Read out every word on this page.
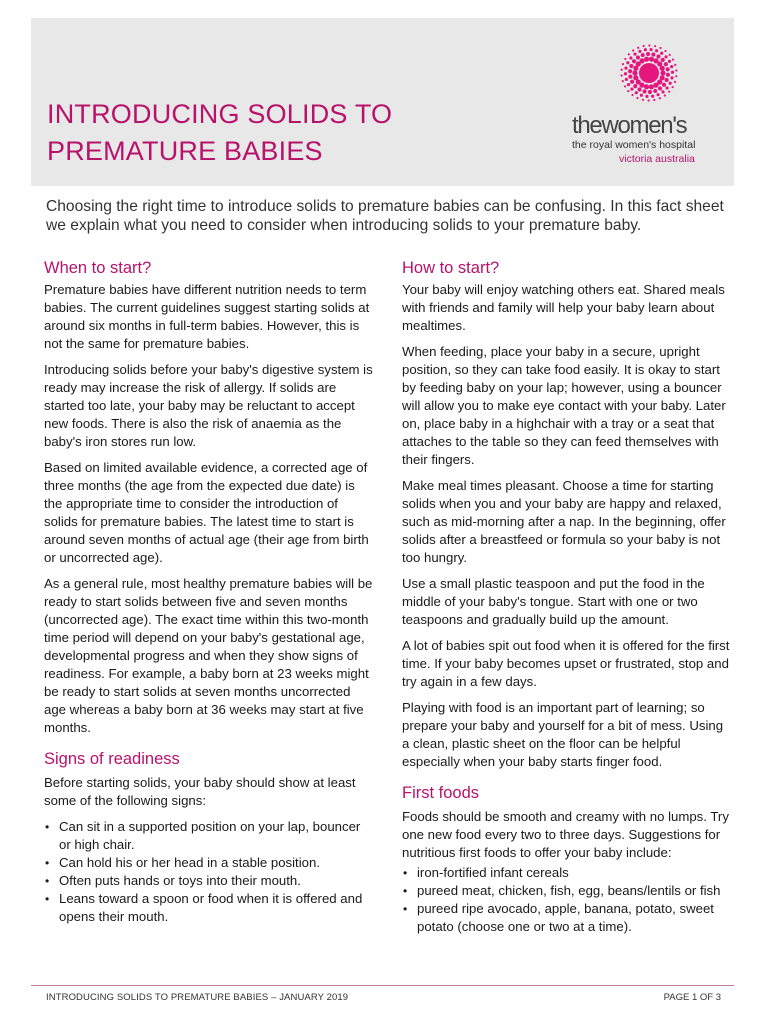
INTRODUCING SOLIDS TO
PREMATURE BABIES
thewomen's
the royal women's hospital
victoria australia
Choosing the right time to introduce solids to premature babies can be confusing. In this fact sheet we explain what you need to consider when introducing solids to your premature baby.
When to start?

Premature babies have different nutrition needs to term babies. The current guidelines suggest starting solids at around six months in full-term babies. However, this is not the same for premature babies.

Introducing solids before your baby's digestive system is ready may increase the risk of allergy. If solids are started too late, your baby may be reluctant to accept new foods. There is also the risk of anaemia as the baby's iron stores run low.

Based on limited available evidence, a corrected age of three months (the age from the expected due date) is the appropriate time to consider the introduction of solids for premature babies. The latest time to start is around seven months of actual age (their age from birth or uncorrected age).

As a general rule, most healthy premature babies will be ready to start solids between five and seven months (uncorrected age). The exact time within this two-month time period will depend on your baby's gestational age, developmental progress and when they show signs of readiness. For example, a baby born at 23 weeks might be ready to start solids at seven months uncorrected age whereas a baby born at 36 weeks may start at five months.

Signs of readiness

Before starting solids, your baby should show at least some of the following signs:

• Can sit in a supported position on your lap, bouncer or high chair.
• Can hold his or her head in a stable position.
• Often puts hands or toys into their mouth.
• Leans toward a spoon or food when it is offered and opens their mouth.
How to start?

Your baby will enjoy watching others eat. Shared meals with friends and family will help your baby learn about mealtimes.

When feeding, place your baby in a secure, upright position, so they can take food easily. It is okay to start by feeding baby on your lap; however, using a bouncer will allow you to make eye contact with your baby. Later on, place baby in a highchair with a tray or a seat that attaches to the table so they can feed themselves with their fingers.

Make meal times pleasant. Choose a time for starting solids when you and your baby are happy and relaxed, such as mid-morning after a nap. In the beginning, offer solids after a breastfeed or formula so your baby is not too hungry.

Use a small plastic teaspoon and put the food in the middle of your baby's tongue. Start with one or two teaspoons and gradually build up the amount.

A lot of babies spit out food when it is offered for the first time. If your baby becomes upset or frustrated, stop and try again in a few days.

Playing with food is an important part of learning; so prepare your baby and yourself for a bit of mess. Using a clean, plastic sheet on the floor can be helpful especially when your baby starts finger food.

First foods

Foods should be smooth and creamy with no lumps. Try one new food every two to three days. Suggestions for nutritious first foods to offer your baby include:

• iron-fortified infant cereals
• pureed meat, chicken, fish, egg, beans/lentils or fish
• pureed ripe avocado, apple, banana, potato, sweet potato (choose one or two at a time).
INTRODUCING SOLIDS TO PREMATURE BABIES – JANUARY 2019	PAGE 1 OF 3
